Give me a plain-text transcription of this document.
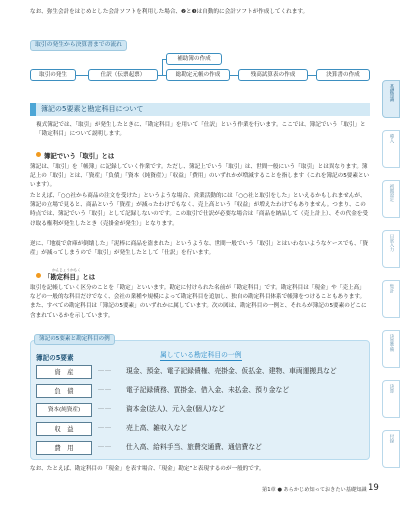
なお、弥生会計をはじめとした会計ソフトを利用した場合、❷と❸は自動的に会計ソフトが作成してくれます。
取引の発生から決算書までの流れ
取引の発生	仕訳（伝票起票）
補助簿の作成
総勘定元帳の作成	残高試算表の作成	決算書の作成
簿記の5要素と勘定科目について
複式簿記では、「取引」が発生したときに、「勘定科目」を用いて「仕訳」という作業を行います。ここでは、簿記でいう「取引」と「勘定科目」について説明します。
簿記でいう「取引」とは
簿記は、「取引」を「帳簿」に記録していく作業です。ただし、簿記上でいう「取引」は、世間一般にいう「取引」とは異なります。簿記上の「取引」とは、「資産」「負債」「資本（純資産）」「収益」「費用」のいずれかが増減することを指します（これを簿記の5要素といいます）。
たとえば、「○○社から商品の注文を受けた」というような場合、営業活動的には「○○社と取引をした」といえるかもしれませんが、簿記の立場で見ると、商品という「資産」が減ったわけでもなく、売上高という「収益」が増えたわけでもありません。つまり、この時点では、簿記でいう「取引」として記録しないのです。この取引で仕訳が必要な場合は「商品を納品して（売上計上）、その代金を受け取る権利が発生したとき（売掛金が発生）」となります。
逆に、「地震で倉庫が倒壊した」「泥棒に商品を盗まれた」というような、世間一般でいう「取引」とはいわないようなケースでも、「資産」が減ってしまうので「取引」が発生したとして「仕訳」を行います。
かんじょうかもく
「勘定科目」とは
取引を記帳していく区分のことを「勘定」といいます。勘定に付けられた名前が「勘定科目」です。勘定科目は「現金」や「売上高」などの一般的な科目だけでなく、会社の業種や規模によって勘定科目を追加し、独自の勘定科目体系で帳簿をつけることもあります。また、すべての勘定科目は「簿記の5要素」のいずれかに属しています。次の図は、勘定科目の一例と、それらが簿記の5要素のどこに含まれているかを示しています。
簿記の5要素と勘定科目の例
簿記の5要素	属している勘定科目の一例
資　産	…… 現金、預金、電子記録債権、売掛金、仮払金、建物、車両運搬具など
負　債	…… 電子記録債務、買掛金、借入金、未払金、預り金など
資本(純資産)	…… 資本金(法人)、元入金(個人)など
収　益	…… 売上高、雑収入など
費　用	…… 仕入高、給料手当、旅費交通費、通信費など
なお、たとえば、勘定科目の「現金」を表す場合、「現金」勘定”と表現するのが一般的です。
第1章 ● あらかじめ知っておきたい基礎知識 19
基礎知識
導入
初期設定
日常入力
集計
決算準備
決算
付録
